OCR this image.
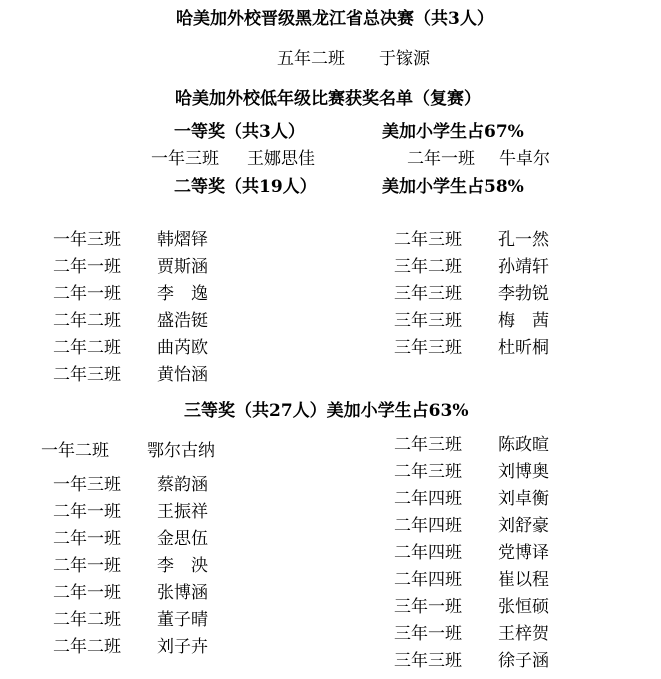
哈美加外校晋级黑龙江省总决赛（共3人）
五年二班 于镓源
哈美加外校低年级比赛获奖名单（复赛）
一等奖（共3人）	美加小学生占67%
一年三班 王娜思佳	二年一班 牛卓尔
二等奖（共19人）	美加小学生占58%
一年三班 韩熠铎
二年一班 贾斯涵
二年一班 李　逸
二年二班 盛浩铤
二年二班 曲芮欧
二年三班 黄怡涵
二年三班 孔一然
三年二班 孙靖轩
三年三班 李勃锐
三年三班 梅　茜
三年三班 杜昕桐
三等奖（共27人）美加小学生占63%
一年二班 鄂尔古纳
一年三班 蔡韵涵
二年一班 王振祥
二年一班 金思伍
二年一班 李　泱
二年一班 张博涵
二年二班 董子晴
二年二班 刘子卉
二年三班 陈政暄
二年三班 刘博奥
二年四班 刘卓衡
二年四班 刘舒豪
二年四班 党博译
二年四班 崔以程
三年一班 张恒硕
三年一班 王梓贺
三年三班 徐子涵
